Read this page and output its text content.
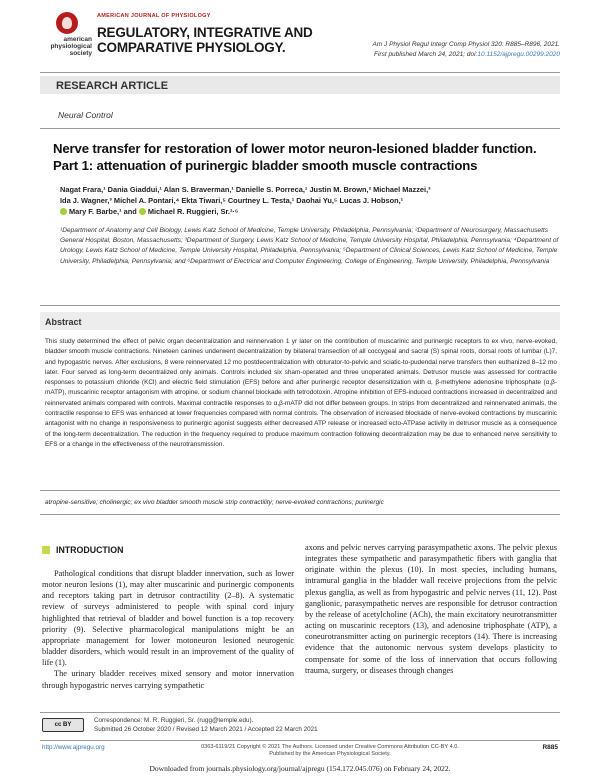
american physiological society
AMERICAN JOURNAL OF PHYSIOLOGY
REGULATORY, INTEGRATIVE AND COMPARATIVE PHYSIOLOGY.	Am J Physiol Regul Integr Comp Physiol 320: R885–R896, 2021.
First published March 24, 2021; doi:10.1152/ajpregu.00299.2020
RESEARCH ARTICLE
Neural Control
Nerve transfer for restoration of lower motor neuron-lesioned bladder function. Part 1: attenuation of purinergic bladder smooth muscle contractions
Nagat Frara,¹ Dania Giaddui,¹ Alan S. Braverman,¹ Danielle S. Porreca,¹ Justin M. Brown,² Michael Mazzei,³
Ida J. Wagner,³ Michel A. Pontari,⁴ Ekta Tiwari,⁵ Courtney L. Testa,¹ Daohai Yu,⁵ Lucas J. Hobson,¹
Mary F. Barbe,¹ and Michael R. Ruggieri, Sr.¹·⁶
¹Department of Anatomy and Cell Biology, Lewis Katz School of Medicine, Temple University, Philadelphia, Pennsylvania; ²Department of Neurosurgery, Massachusetts General Hospital, Boston, Massachusetts; ³Department of Surgery, Lewis Katz School of Medicine, Temple University Hospital, Philadelphia, Pennsylvania; ⁴Department of Urology, Lewis Katz School of Medicine, Temple University Hospital, Philadelphia, Pennsylvania; ⁵Department of Clinical Sciences, Lewis Katz School of Medicine, Temple University, Philadelphia, Pennsylvania; and ⁶Department of Electrical and Computer Engineering, College of Engineering, Temple University, Philadelphia, Pennsylvania
Abstract
This study determined the effect of pelvic organ decentralization and reinnervation 1 yr later on the contribution of muscarinic and purinergic receptors to ex vivo, nerve-evoked, bladder smooth muscle contractions. Nineteen canines underwent decentralization by bilateral transection of all coccygeal and sacral (S) spinal roots, dorsal roots of lumbar (L)7, and hypogastric nerves. After exclusions, 8 were reinnervated 12 mo postdecentralization with obturator-to-pelvic and sciatic-to-pudendal nerve transfers then euthanized 8–12 mo later. Four served as long-term decentralized only animals. Controls included six sham-operated and three unoperated animals. Detrusor muscle was assessed for contractile responses to potassium chloride (KCl) and electric field stimulation (EFS) before and after purinergic receptor desensitization with α, β-methylene adenosine triphosphate (α,β-mATP), muscarinic receptor antagonism with atropine, or sodium channel blockade with tetrodotoxin. Atropine inhibition of EFS-induced contractions increased in decentralized and reinnervated animals compared with controls. Maximal contractile responses to α,β-mATP did not differ between groups. In strips from decentralized and reinnervated animals, the contractile response to EFS was enhanced at lower frequencies compared with normal controls. The observation of increased blockade of nerve-evoked contractions by muscarinic antagonist with no change in responsiveness to purinergic agonist suggests either decreased ATP release or increased ecto-ATPase activity in detrusor muscle as a consequence of the long-term decentralization. The reduction in the frequency required to produce maximum contraction following decentralization may be due to enhanced nerve sensitivity to EFS or a change in the effectiveness of the neurotransmission.
atropine-sensitive; cholinergic; ex vivo bladder smooth muscle strip contractility; nerve-evoked contractions; purinergic
INTRODUCTION

Pathological conditions that disrupt bladder innervation, such as lower motor neuron lesions (1), may alter muscarinic and purinergic components and receptors taking part in detrusor contractility (2–8). A systematic review of surveys administered to people with spinal cord injury highlighted that retrieval of bladder and bowel function is a top recovery priority (9). Selective pharmacological manipulations might be an appropriate management for lower motoneuron lesioned neurogenic bladder disorders, which would result in an improvement of the quality of life (1).

The urinary bladder receives mixed sensory and motor innervation through hypogastric nerves carrying sympathetic

axons and pelvic nerves carrying parasympathetic axons. The pelvic plexus integrates these sympathetic and parasympathetic fibers with ganglia that originate within the plexus (10). In most species, including humans, intramural ganglia in the bladder wall receive projections from the pelvic plexus ganglia, as well as from hypogastric and pelvic nerves (11, 12). Post ganglionic, parasympathetic nerves are responsible for detrusor contraction by the release of acetylcholine (ACh), the main excitatory neurotransmitter acting on muscarinic receptors (13), and adenosine triphosphate (ATP), a coneurotransmitter acting on purinergic receptors (14). There is increasing evidence that the autonomic nervous system develops plasticity to compensate for some of the loss of innervation that occurs following trauma, surgery, or diseases through changes

cc BY
Correspondence: M. R. Ruggieri, Sr. (rugg@temple.edu).
Submitted 26 October 2020 / Revised 12 March 2021 / Accepted 22 March 2021
http://www.ajpregu.org	0363-6119/21 Copyright © 2021 The Authors. Licensed under Creative Commons Attribution CC-BY 4.0.
Published by the American Physiological Society.
R885
Downloaded from journals.physiology.org/journal/ajpregu (154.172.045.076) on February 24, 2022.
